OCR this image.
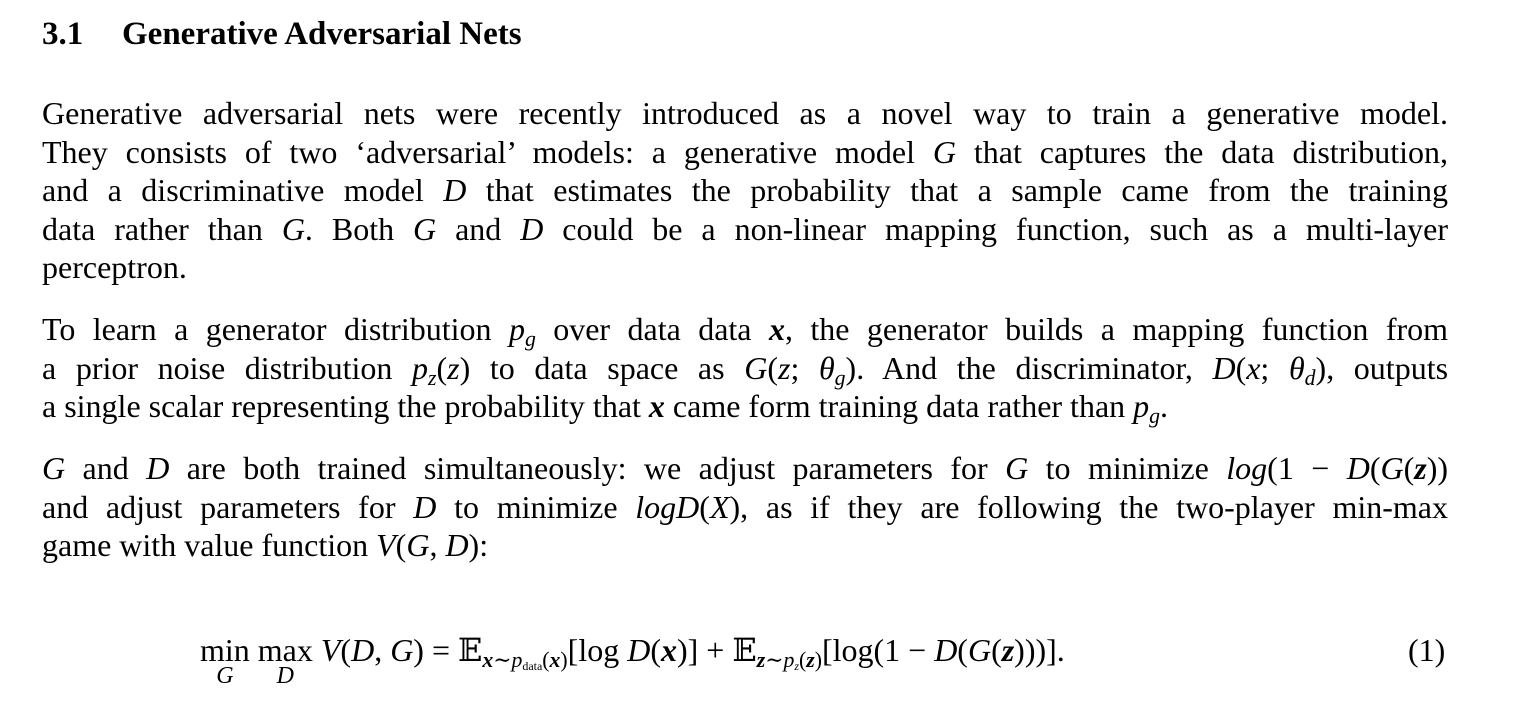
3.1 Generative Adversarial Nets
Generative adversarial nets were recently introduced as a novel way to train a generative model.
They consists of two ‘adversarial’ models: a generative model G that captures the data distribution,
and a discriminative model D that estimates the probability that a sample came from the training
data rather than G. Both G and D could be a non-linear mapping function, such as a multi-layer
perceptron.
To learn a generator distribution $p_g$ over data data x, the generator builds a mapping function from
a prior noise distribution $p_z(z)$ to data space as G(z; $\theta_g$). And the discriminator, D(x; $\theta_d$), outputs
a single scalar representing the probability that x came form training data rather than $p_g$.
G and D are both trained simultaneously: we adjust parameters for G to minimize log(1 − D(G(z))
and adjust parameters for D to minimize logD(X), as if they are following the two-player min-max
game with value function V(G, D):
min
G
max
D
V(D, G) = 𝔼$_{x\sim p_{data}(x)}$[log D(x)] + 𝔼$_{z\sim p_z(z)}$[log(1 − D(G(z)))].	(1)
